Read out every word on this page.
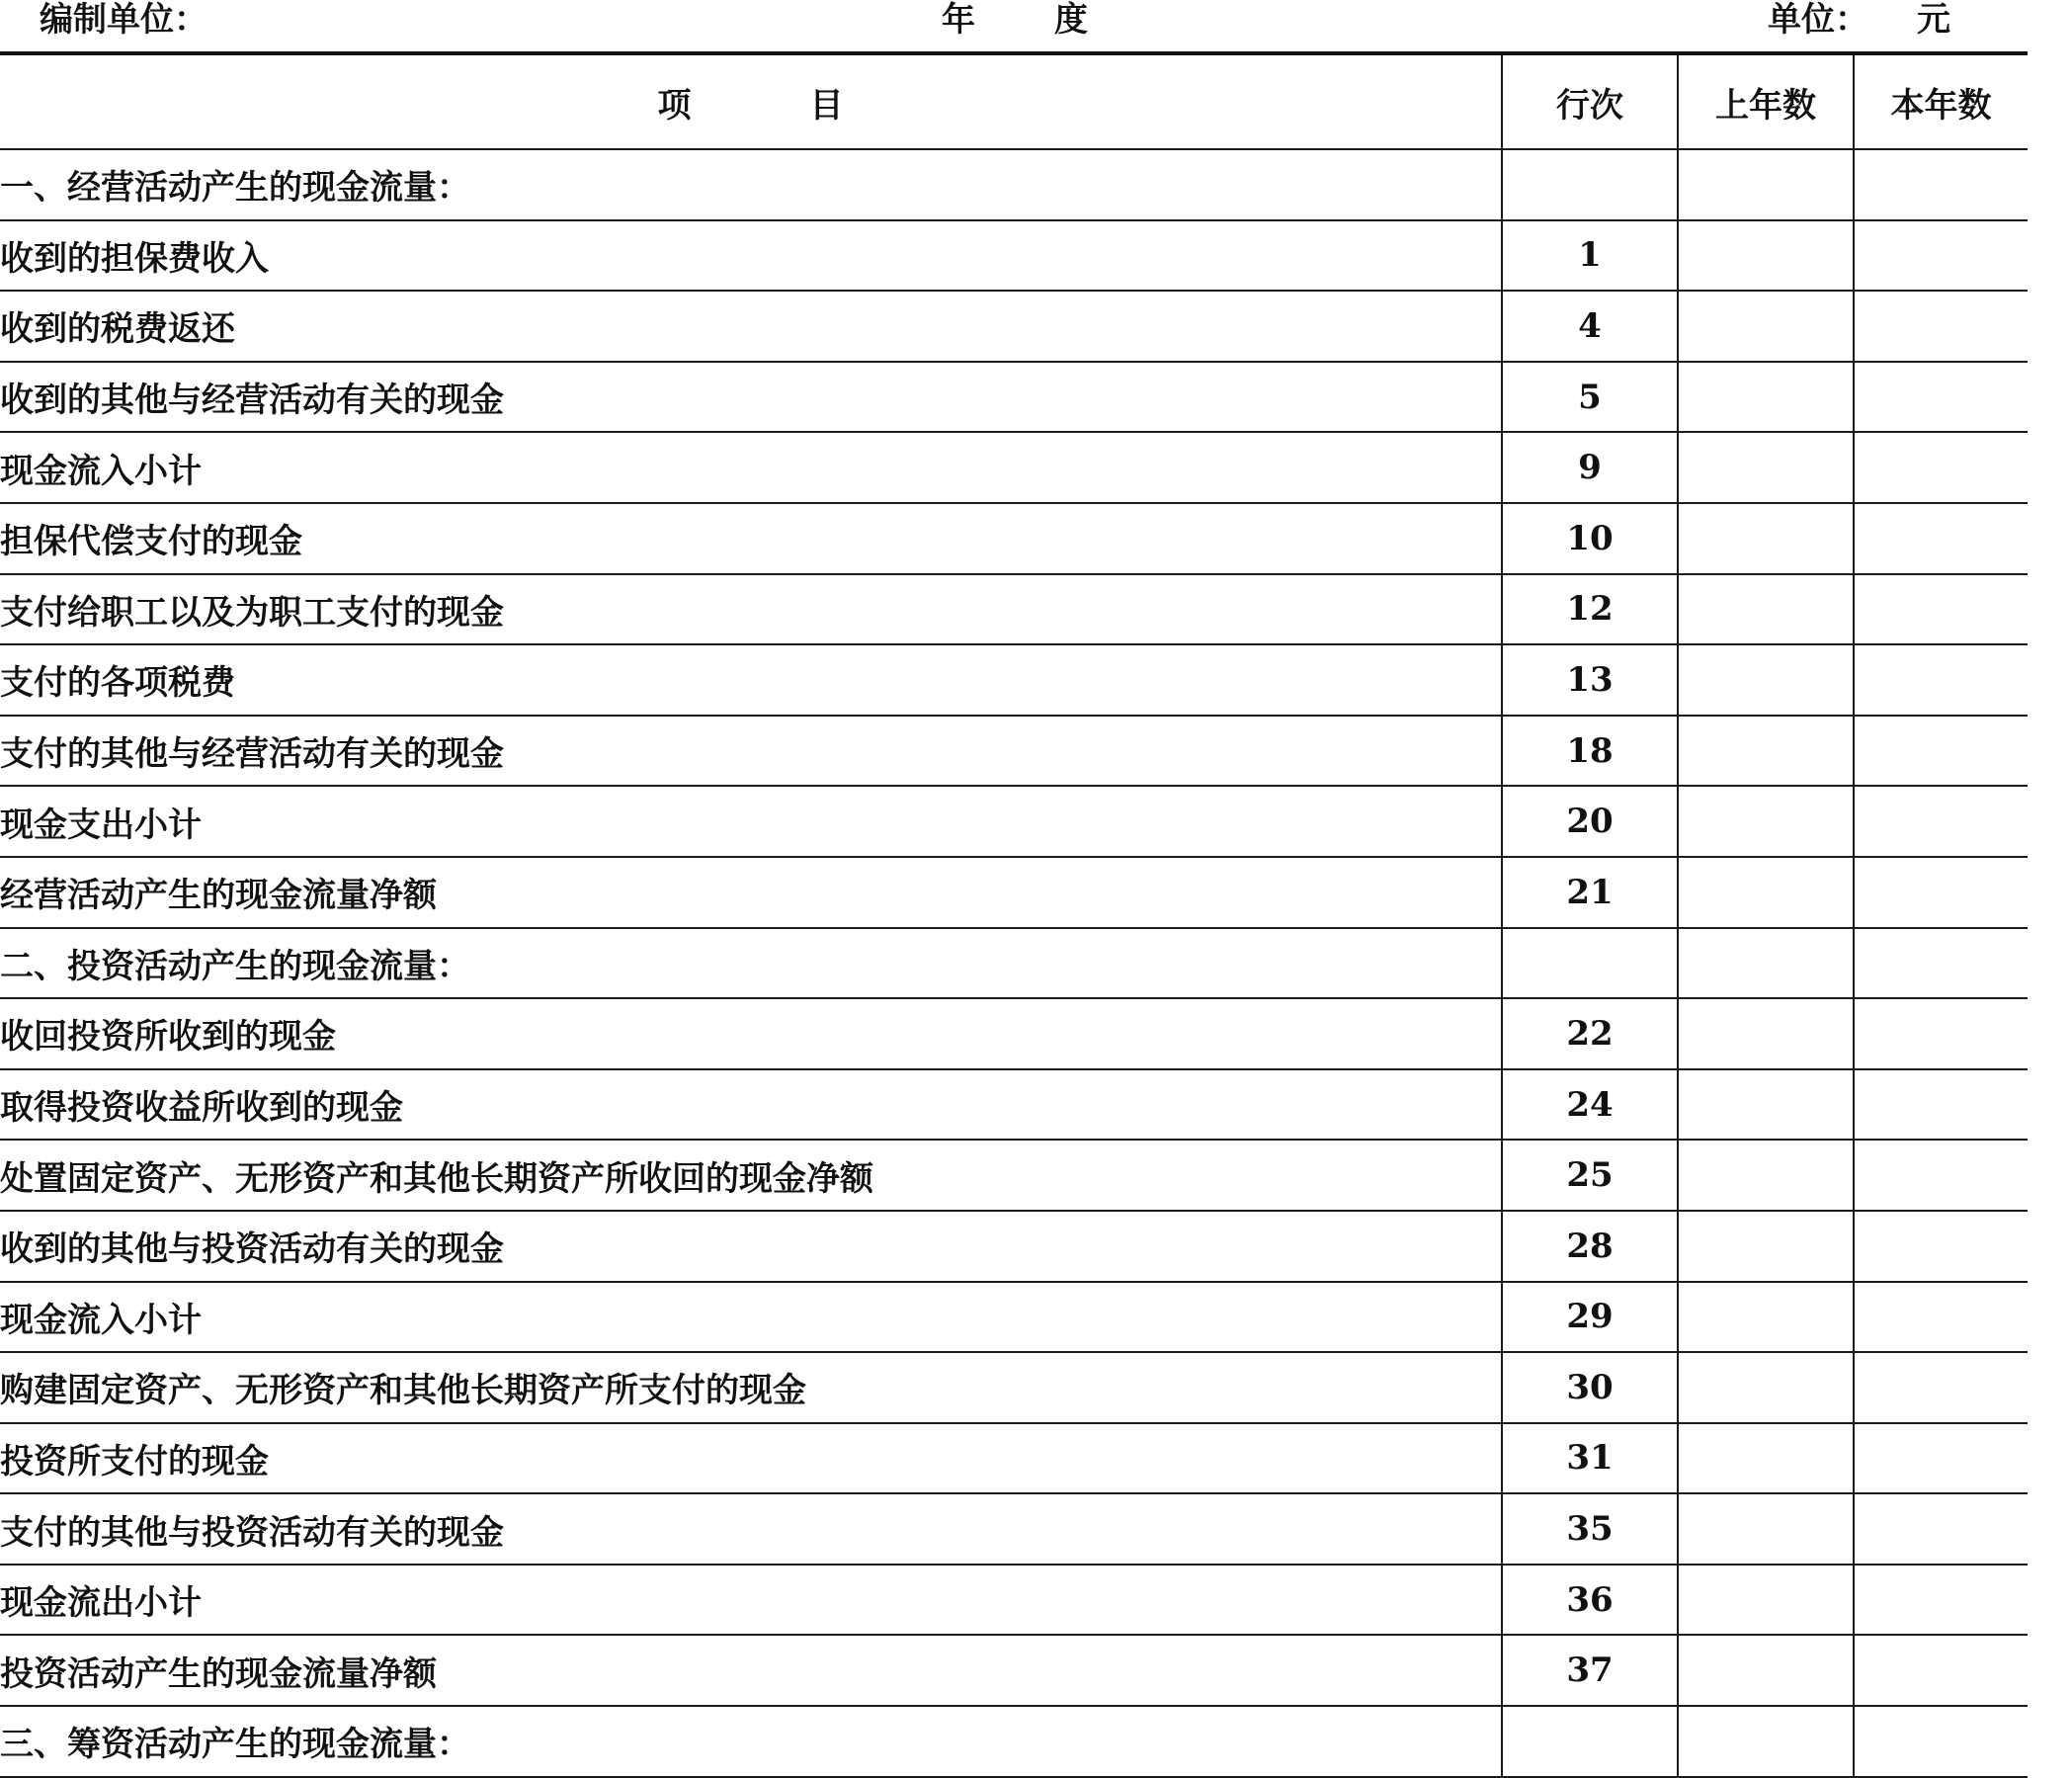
编制单位：	年 度	单位： 元
项 目	行次	上年数	本年数
一、经营活动产生的现金流量：			
收到的担保费收入	1		
收到的税费返还	4		
收到的其他与经营活动有关的现金	5		
现金流入小计	9		
担保代偿支付的现金	10		
支付给职工以及为职工支付的现金	12		
支付的各项税费	13		
支付的其他与经营活动有关的现金	18		
现金支出小计	20		
经营活动产生的现金流量净额	21		
二、投资活动产生的现金流量：			
收回投资所收到的现金	22		
取得投资收益所收到的现金	24		
处置固定资产、无形资产和其他长期资产所收回的现金净额	25		
收到的其他与投资活动有关的现金	28		
现金流入小计	29		
购建固定资产、无形资产和其他长期资产所支付的现金	30		
投资所支付的现金	31		
支付的其他与投资活动有关的现金	35		
现金流出小计	36		
投资活动产生的现金流量净额	37		
三、筹资活动产生的现金流量：			
